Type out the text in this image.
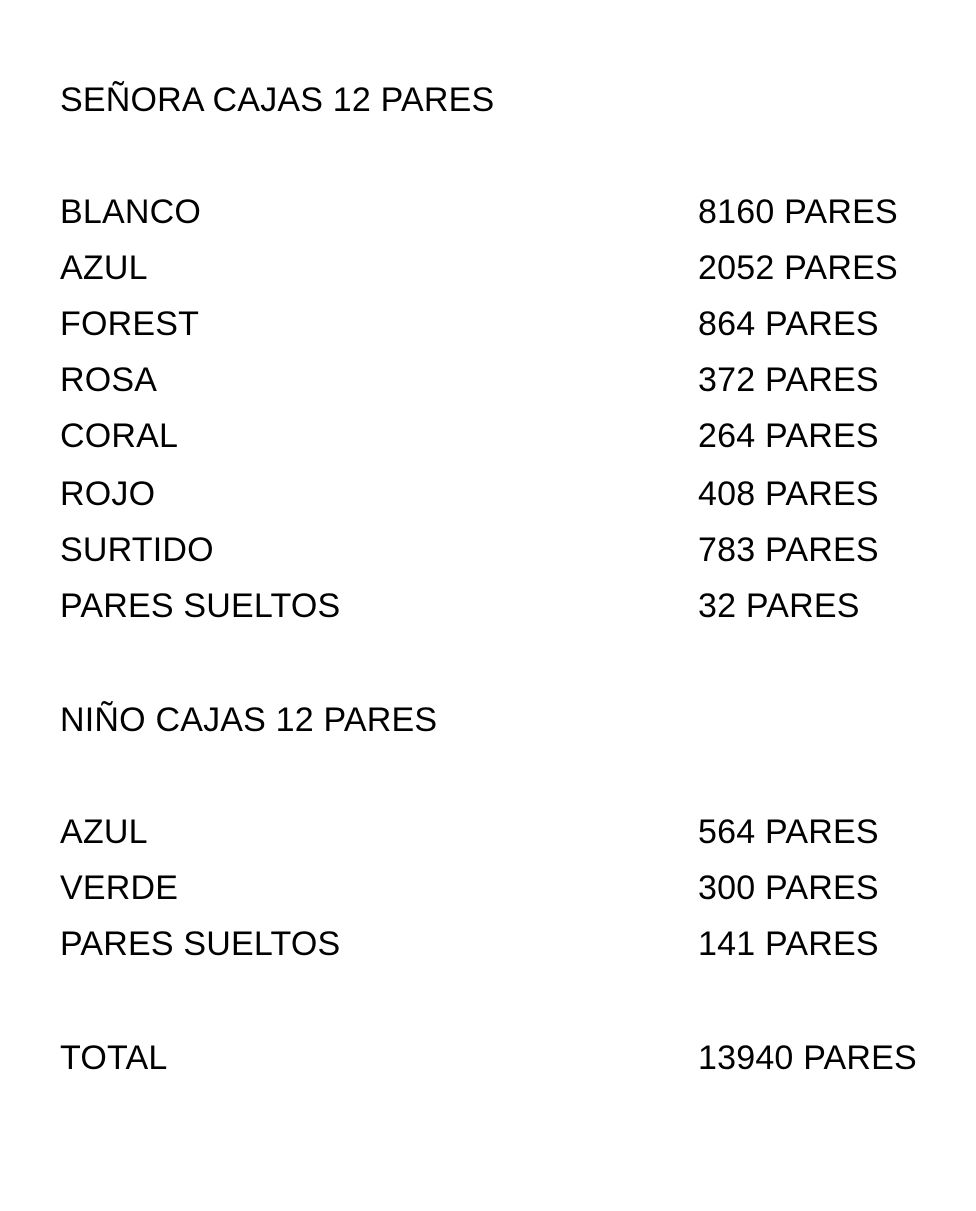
SEÑORA CAJAS 12 PARES
BLANCO	8160 PARES
AZUL	2052 PARES
FOREST	864 PARES
ROSA	372 PARES
CORAL	264 PARES
ROJO	408 PARES
SURTIDO	783 PARES
PARES SUELTOS	32 PARES
NIÑO CAJAS 12 PARES
AZUL	564 PARES
VERDE	300 PARES
PARES SUELTOS	141 PARES
TOTAL	13940 PARES
